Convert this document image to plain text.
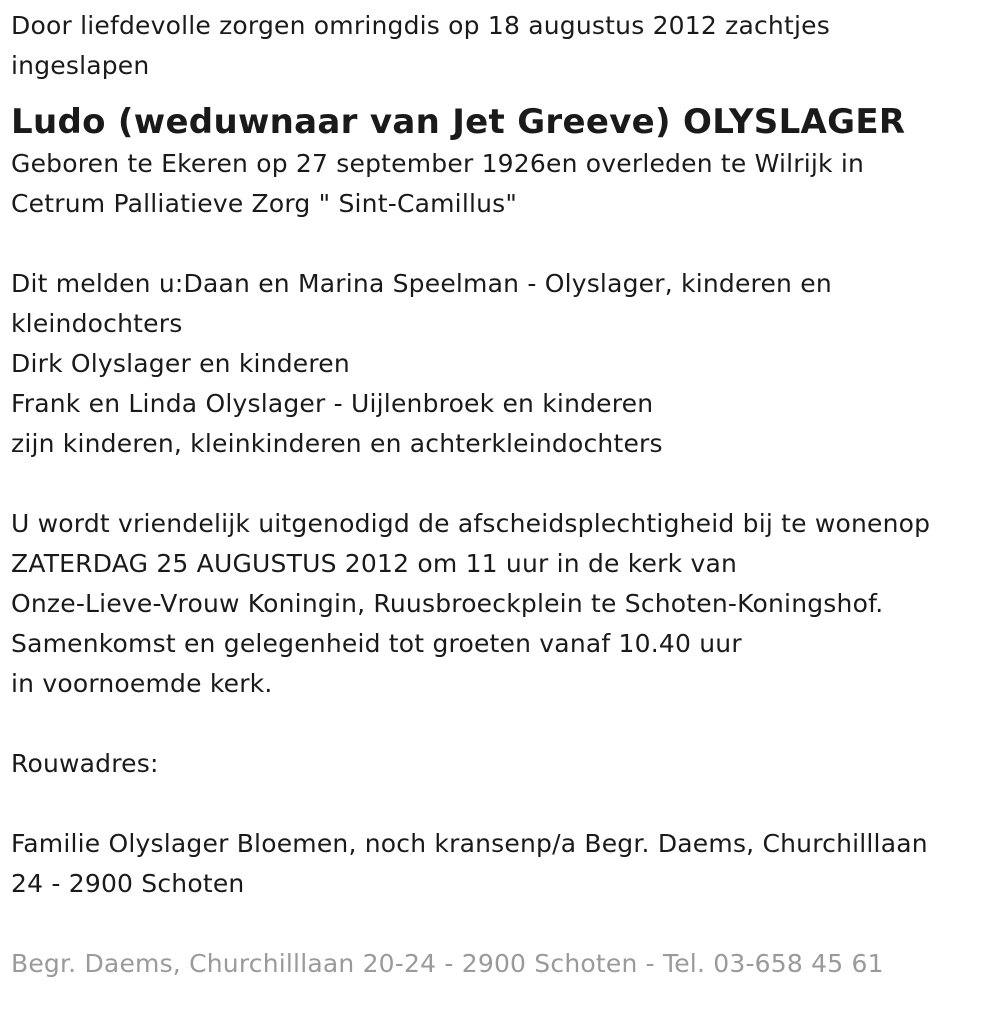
Door liefdevolle zorgen omringdis op 18 augustus 2012 zachtjes
ingeslapen
Ludo (weduwnaar van Jet Greeve) OLYSLAGER
Geboren te Ekeren op 27 september 1926en overleden te Wilrijk in
Cetrum Palliatieve Zorg " Sint-Camillus"
Dit melden u:Daan en Marina Speelman - Olyslager, kinderen en
kleindochters
Dirk Olyslager en kinderen
Frank en Linda Olyslager - Uijlenbroek en kinderen
zijn kinderen, kleinkinderen en achterkleindochters
U wordt vriendelijk uitgenodigd de afscheidsplechtigheid bij te wonenop
ZATERDAG 25 AUGUSTUS 2012 om 11 uur in de kerk van
Onze-Lieve-Vrouw Koningin, Ruusbroeckplein te Schoten-Koningshof.
Samenkomst en gelegenheid tot groeten vanaf 10.40 uur
in voornoemde kerk.
Rouwadres:
Familie Olyslager Bloemen, noch kransenp/a Begr. Daems, Churchilllaan
24 - 2900 Schoten
Begr. Daems, Churchilllaan 20-24 - 2900 Schoten - Tel. 03-658 45 61
